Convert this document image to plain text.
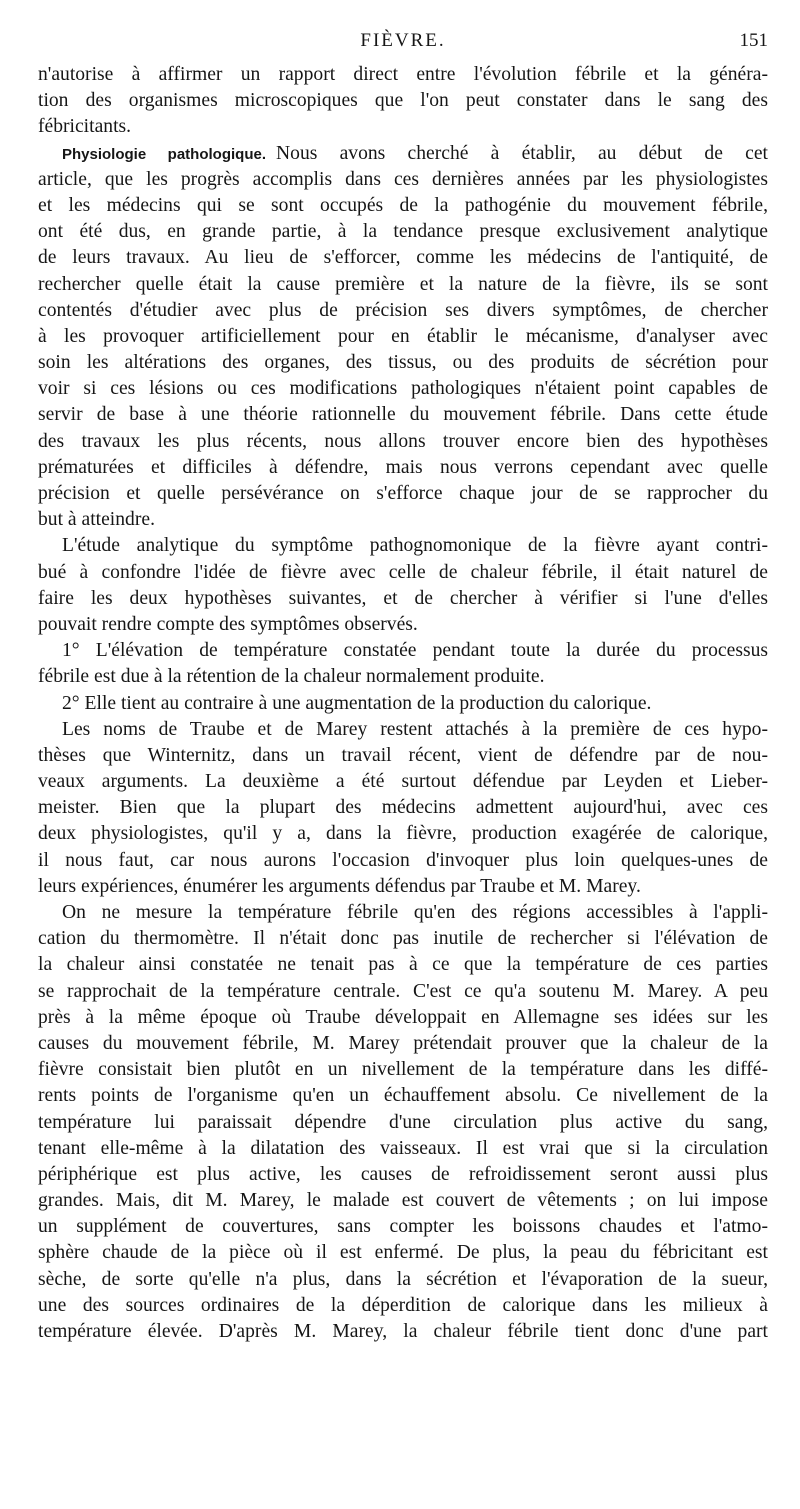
FIÈVRE.	151
n'autorise à affirmer un rapport direct entre l'évolution fébrile et la généra-
tion des organismes microscopiques que l'on peut constater dans le sang des
fébricitants.
Physiologie pathologique. Nous avons cherché à établir, au début de cet
article, que les progrès accomplis dans ces dernières années par les physiologistes
et les médecins qui se sont occupés de la pathogénie du mouvement fébrile,
ont été dus, en grande partie, à la tendance presque exclusivement analytique
de leurs travaux. Au lieu de s'efforcer, comme les médecins de l'antiquité, de
rechercher quelle était la cause première et la nature de la fièvre, ils se sont
contentés d'étudier avec plus de précision ses divers symptômes, de chercher
à les provoquer artificiellement pour en établir le mécanisme, d'analyser avec
soin les altérations des organes, des tissus, ou des produits de sécrétion pour
voir si ces lésions ou ces modifications pathologiques n'étaient point capables de
servir de base à une théorie rationnelle du mouvement fébrile. Dans cette étude
des travaux les plus récents, nous allons trouver encore bien des hypothèses
prématurées et difficiles à défendre, mais nous verrons cependant avec quelle
précision et quelle persévérance on s'efforce chaque jour de se rapprocher du
but à atteindre.
L'étude analytique du symptôme pathognomonique de la fièvre ayant contri-
bué à confondre l'idée de fièvre avec celle de chaleur fébrile, il était naturel de
faire les deux hypothèses suivantes, et de chercher à vérifier si l'une d'elles
pouvait rendre compte des symptômes observés.
1° L'élévation de température constatée pendant toute la durée du processus
fébrile est due à la rétention de la chaleur normalement produite.
2° Elle tient au contraire à une augmentation de la production du calorique.
Les noms de Traube et de Marey restent attachés à la première de ces hypo-
thèses que Winternitz, dans un travail récent, vient de défendre par de nou-
veaux arguments. La deuxième a été surtout défendue par Leyden et Lieber-
meister. Bien que la plupart des médecins admettent aujourd'hui, avec ces
deux physiologistes, qu'il y a, dans la fièvre, production exagérée de calorique,
il nous faut, car nous aurons l'occasion d'invoquer plus loin quelques-unes de
leurs expériences, énumérer les arguments défendus par Traube et M. Marey.
On ne mesure la température fébrile qu'en des régions accessibles à l'appli-
cation du thermomètre. Il n'était donc pas inutile de rechercher si l'élévation de
la chaleur ainsi constatée ne tenait pas à ce que la température de ces parties
se rapprochait de la température centrale. C'est ce qu'a soutenu M. Marey. A peu
près à la même époque où Traube développait en Allemagne ses idées sur les
causes du mouvement fébrile, M. Marey prétendait prouver que la chaleur de la
fièvre consistait bien plutôt en un nivellement de la température dans les diffé-
rents points de l'organisme qu'en un échauffement absolu. Ce nivellement de la
température lui paraissait dépendre d'une circulation plus active du sang,
tenant elle-même à la dilatation des vaisseaux. Il est vrai que si la circulation
périphérique est plus active, les causes de refroidissement seront aussi plus
grandes. Mais, dit M. Marey, le malade est couvert de vêtements ; on lui impose
un supplément de couvertures, sans compter les boissons chaudes et l'atmo-
sphère chaude de la pièce où il est enfermé. De plus, la peau du fébricitant est
sèche, de sorte qu'elle n'a plus, dans la sécrétion et l'évaporation de la sueur,
une des sources ordinaires de la déperdition de calorique dans les milieux à
température élevée. D'après M. Marey, la chaleur fébrile tient donc d'une part
